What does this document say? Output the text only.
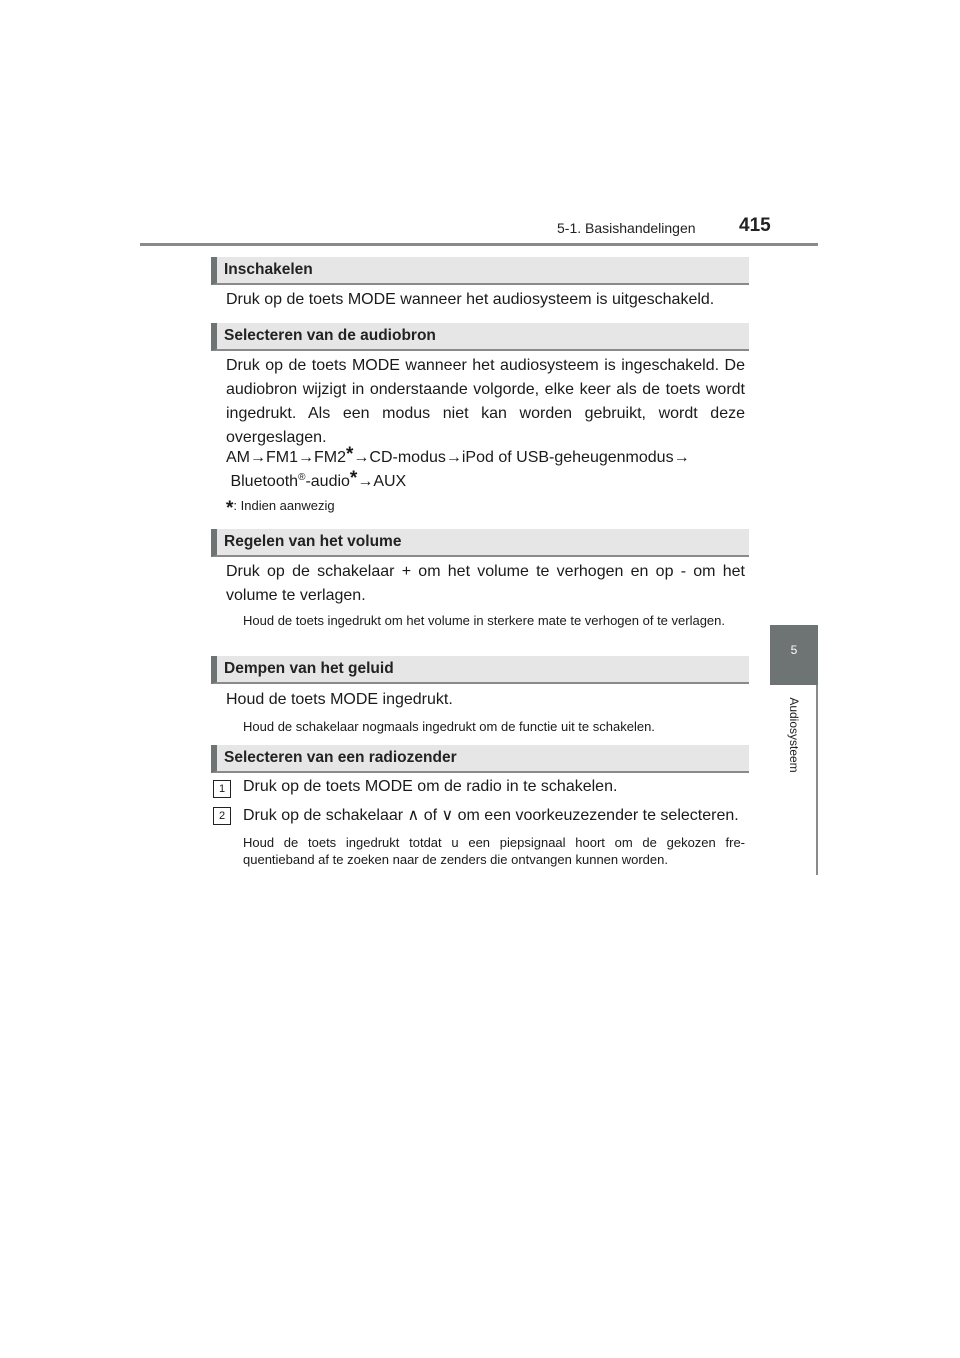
5-1. Basishandelingen 415
5
Audiosysteem
Inschakelen
Druk op de toets MODE wanneer het audiosysteem is uitgeschakeld.
Selecteren van de audiobron
Druk op de toets MODE wanneer het audiosysteem is ingeschakeld. De audiobron wijzigt in onderstaande volgorde, elke keer als de toets wordt ingedrukt. Als een modus niet kan worden gebruikt, wordt deze overgeslagen.
AM→FM1→FM2*→CD-modus→iPod of USB-geheugenmodus→
Bluetooth®-audio*→AUX
*: Indien aanwezig
Regelen van het volume
Druk op de schakelaar + om het volume te verhogen en op - om het volume te verlagen.
Houd de toets ingedrukt om het volume in sterkere mate te verhogen of te verlagen.
Dempen van het geluid
Houd de toets MODE ingedrukt.
Houd de schakelaar nogmaals ingedrukt om de functie uit te schakelen.
Selecteren van een radiozender
1	Druk op de toets MODE om de radio in te schakelen.
2	Druk op de schakelaar ∧ of ∨ om een voorkeuzezender te selecteren.
Houd de toets ingedrukt totdat u een piepsignaal hoort om de gekozen fre- quentieband af te zoeken naar de zenders die ontvangen kunnen worden.
